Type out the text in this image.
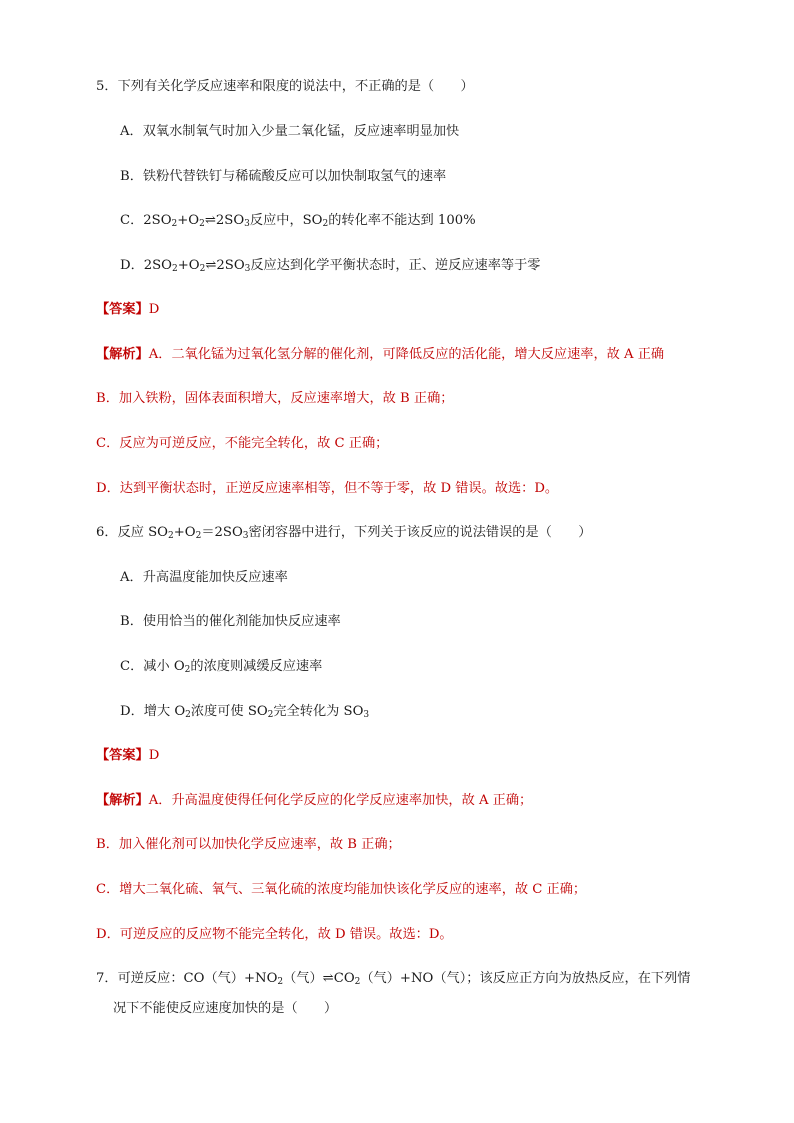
5．下列有关化学反应速率和限度的说法中，不正确的是（　　）
A．双氧水制氧气时加入少量二氧化锰，反应速率明显加快
B．铁粉代替铁钉与稀硫酸反应可以加快制取氢气的速率
C．$2SO_2+O_2\rightleftharpoons 2SO_3$反应中，$SO_2$的转化率不能达到 100%
D．$2SO_2+O_2\rightleftharpoons 2SO_3$反应达到化学平衡状态时，正、逆反应速率等于零
【答案】D
【解析】A．二氧化锰为过氧化氢分解的催化剂，可降低反应的活化能，增大反应速率，故 A 正确
B．加入铁粉，固体表面积增大，反应速率增大，故 B 正确；
C．反应为可逆反应，不能完全转化，故 C 正确；
D．达到平衡状态时，正逆反应速率相等，但不等于零，故 D 错误。故选：D。
6．反应 $SO_2+O_2=2SO_3$密闭容器中进行，下列关于该反应的说法错误的是（　　）
A．升高温度能加快反应速率
B．使用恰当的催化剂能加快反应速率
C．减小 $O_2$的浓度则减缓反应速率
D．增大 $O_2$浓度可使 $SO_2$完全转化为 $SO_3$
【答案】D
【解析】A．升高温度使得任何化学反应的化学反应速率加快，故 A 正确；
B．加入催化剂可以加快化学反应速率，故 B 正确；
C．增大二氧化硫、氧气、三氧化硫的浓度均能加快该化学反应的速率，故 C 正确；
D．可逆反应的反应物不能完全转化，故 D 错误。故选：D。
7．可逆反应：CO（气）$+NO_2$（气）$\rightleftharpoons CO_2$（气）+NO（气）；该反应正方向为放热反应，在下列情
况下不能使反应速度加快的是（　　）
